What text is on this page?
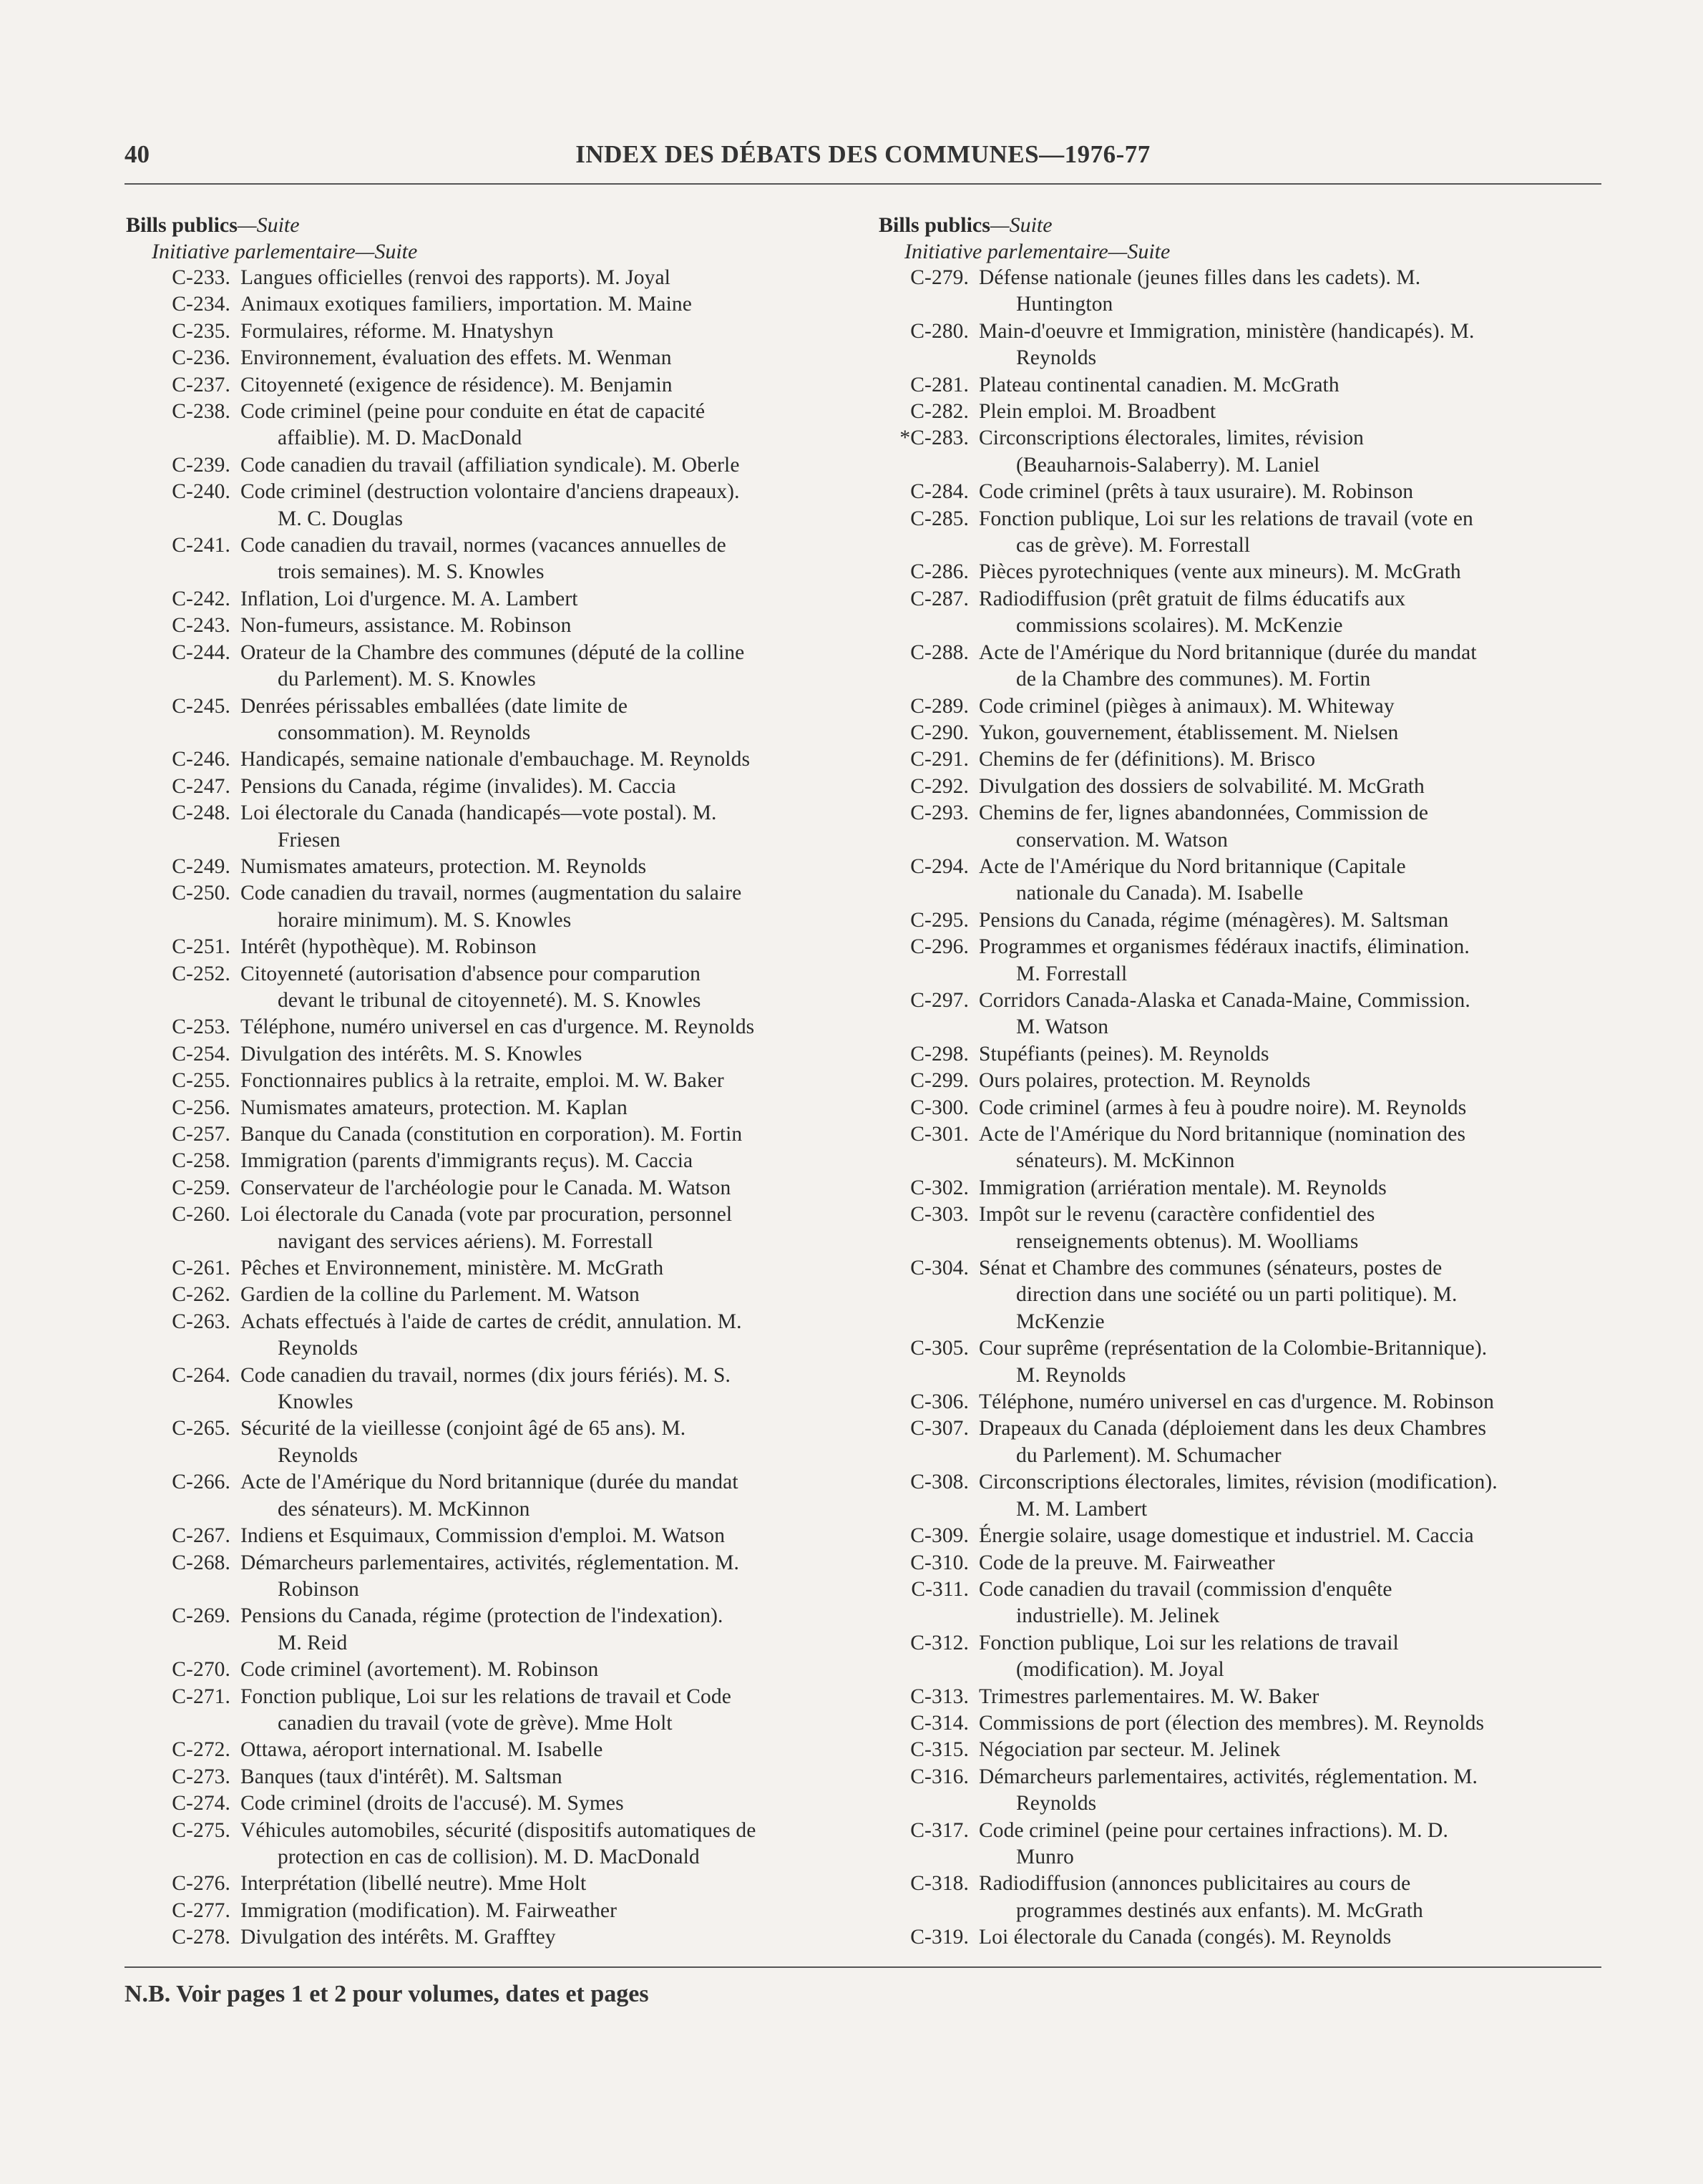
40	INDEX DES DÉBATS DES COMMUNES—1976-77
Bills publics—Suite
Initiative parlementaire—Suite
C-233. Langues officielles (renvoi des rapports). M. Joyal
C-234. Animaux exotiques familiers, importation. M. Maine
C-235. Formulaires, réforme. M. Hnatyshyn
C-236. Environnement, évaluation des effets. M. Wenman
C-237. Citoyenneté (exigence de résidence). M. Benjamin
C-238. Code criminel (peine pour conduite en état de capacité
affaiblie). M. D. MacDonald
C-239. Code canadien du travail (affiliation syndicale). M. Oberle
C-240. Code criminel (destruction volontaire d'anciens drapeaux).
M. C. Douglas
C-241. Code canadien du travail, normes (vacances annuelles de
trois semaines). M. S. Knowles
C-242. Inflation, Loi d'urgence. M. A. Lambert
C-243. Non-fumeurs, assistance. M. Robinson
C-244. Orateur de la Chambre des communes (député de la colline
du Parlement). M. S. Knowles
C-245. Denrées périssables emballées (date limite de
consommation). M. Reynolds
C-246. Handicapés, semaine nationale d'embauchage. M. Reynolds
C-247. Pensions du Canada, régime (invalides). M. Caccia
C-248. Loi électorale du Canada (handicapés—vote postal). M.
Friesen
C-249. Numismates amateurs, protection. M. Reynolds
C-250. Code canadien du travail, normes (augmentation du salaire
horaire minimum). M. S. Knowles
C-251. Intérêt (hypothèque). M. Robinson
C-252. Citoyenneté (autorisation d'absence pour comparution
devant le tribunal de citoyenneté). M. S. Knowles
C-253. Téléphone, numéro universel en cas d'urgence. M. Reynolds
C-254. Divulgation des intérêts. M. S. Knowles
C-255. Fonctionnaires publics à la retraite, emploi. M. W. Baker
C-256. Numismates amateurs, protection. M. Kaplan
C-257. Banque du Canada (constitution en corporation). M. Fortin
C-258. Immigration (parents d'immigrants reçus). M. Caccia
C-259. Conservateur de l'archéologie pour le Canada. M. Watson
C-260. Loi électorale du Canada (vote par procuration, personnel
navigant des services aériens). M. Forrestall
C-261. Pêches et Environnement, ministère. M. McGrath
C-262. Gardien de la colline du Parlement. M. Watson
C-263. Achats effectués à l'aide de cartes de crédit, annulation. M.
Reynolds
C-264. Code canadien du travail, normes (dix jours fériés). M. S.
Knowles
C-265. Sécurité de la vieillesse (conjoint âgé de 65 ans). M.
Reynolds
C-266. Acte de l'Amérique du Nord britannique (durée du mandat
des sénateurs). M. McKinnon
C-267. Indiens et Esquimaux, Commission d'emploi. M. Watson
C-268. Démarcheurs parlementaires, activités, réglementation. M.
Robinson
C-269. Pensions du Canada, régime (protection de l'indexation).
M. Reid
C-270. Code criminel (avortement). M. Robinson
C-271. Fonction publique, Loi sur les relations de travail et Code
canadien du travail (vote de grève). Mme Holt
C-272. Ottawa, aéroport international. M. Isabelle
C-273. Banques (taux d'intérêt). M. Saltsman
C-274. Code criminel (droits de l'accusé). M. Symes
C-275. Véhicules automobiles, sécurité (dispositifs automatiques de
protection en cas de collision). M. D. MacDonald
C-276. Interprétation (libellé neutre). Mme Holt
C-277. Immigration (modification). M. Fairweather
C-278. Divulgation des intérêts. M. Grafftey
Bills publics—Suite
Initiative parlementaire—Suite
C-279. Défense nationale (jeunes filles dans les cadets). M.
Huntington
C-280. Main-d'oeuvre et Immigration, ministère (handicapés). M.
Reynolds
C-281. Plateau continental canadien. M. McGrath
C-282. Plein emploi. M. Broadbent
*C-283. Circonscriptions électorales, limites, révision
(Beauharnois-Salaberry). M. Laniel
C-284. Code criminel (prêts à taux usuraire). M. Robinson
C-285. Fonction publique, Loi sur les relations de travail (vote en
cas de grève). M. Forrestall
C-286. Pièces pyrotechniques (vente aux mineurs). M. McGrath
C-287. Radiodiffusion (prêt gratuit de films éducatifs aux
commissions scolaires). M. McKenzie
C-288. Acte de l'Amérique du Nord britannique (durée du mandat
de la Chambre des communes). M. Fortin
C-289. Code criminel (pièges à animaux). M. Whiteway
C-290. Yukon, gouvernement, établissement. M. Nielsen
C-291. Chemins de fer (définitions). M. Brisco
C-292. Divulgation des dossiers de solvabilité. M. McGrath
C-293. Chemins de fer, lignes abandonnées, Commission de
conservation. M. Watson
C-294. Acte de l'Amérique du Nord britannique (Capitale
nationale du Canada). M. Isabelle
C-295. Pensions du Canada, régime (ménagères). M. Saltsman
C-296. Programmes et organismes fédéraux inactifs, élimination.
M. Forrestall
C-297. Corridors Canada-Alaska et Canada-Maine, Commission.
M. Watson
C-298. Stupéfiants (peines). M. Reynolds
C-299. Ours polaires, protection. M. Reynolds
C-300. Code criminel (armes à feu à poudre noire). M. Reynolds
C-301. Acte de l'Amérique du Nord britannique (nomination des
sénateurs). M. McKinnon
C-302. Immigration (arriération mentale). M. Reynolds
C-303. Impôt sur le revenu (caractère confidentiel des
renseignements obtenus). M. Woolliams
C-304. Sénat et Chambre des communes (sénateurs, postes de
direction dans une société ou un parti politique). M.
McKenzie
C-305. Cour suprême (représentation de la Colombie-Britannique).
M. Reynolds
C-306. Téléphone, numéro universel en cas d'urgence. M. Robinson
C-307. Drapeaux du Canada (déploiement dans les deux Chambres
du Parlement). M. Schumacher
C-308. Circonscriptions électorales, limites, révision (modification).
M. M. Lambert
C-309. Énergie solaire, usage domestique et industriel. M. Caccia
C-310. Code de la preuve. M. Fairweather
C-311. Code canadien du travail (commission d'enquête
industrielle). M. Jelinek
C-312. Fonction publique, Loi sur les relations de travail
(modification). M. Joyal
C-313. Trimestres parlementaires. M. W. Baker
C-314. Commissions de port (élection des membres). M. Reynolds
C-315. Négociation par secteur. M. Jelinek
C-316. Démarcheurs parlementaires, activités, réglementation. M.
Reynolds
C-317. Code criminel (peine pour certaines infractions). M. D.
Munro
C-318. Radiodiffusion (annonces publicitaires au cours de
programmes destinés aux enfants). M. McGrath
C-319. Loi électorale du Canada (congés). M. Reynolds
N.B. Voir pages 1 et 2 pour volumes, dates et pages
